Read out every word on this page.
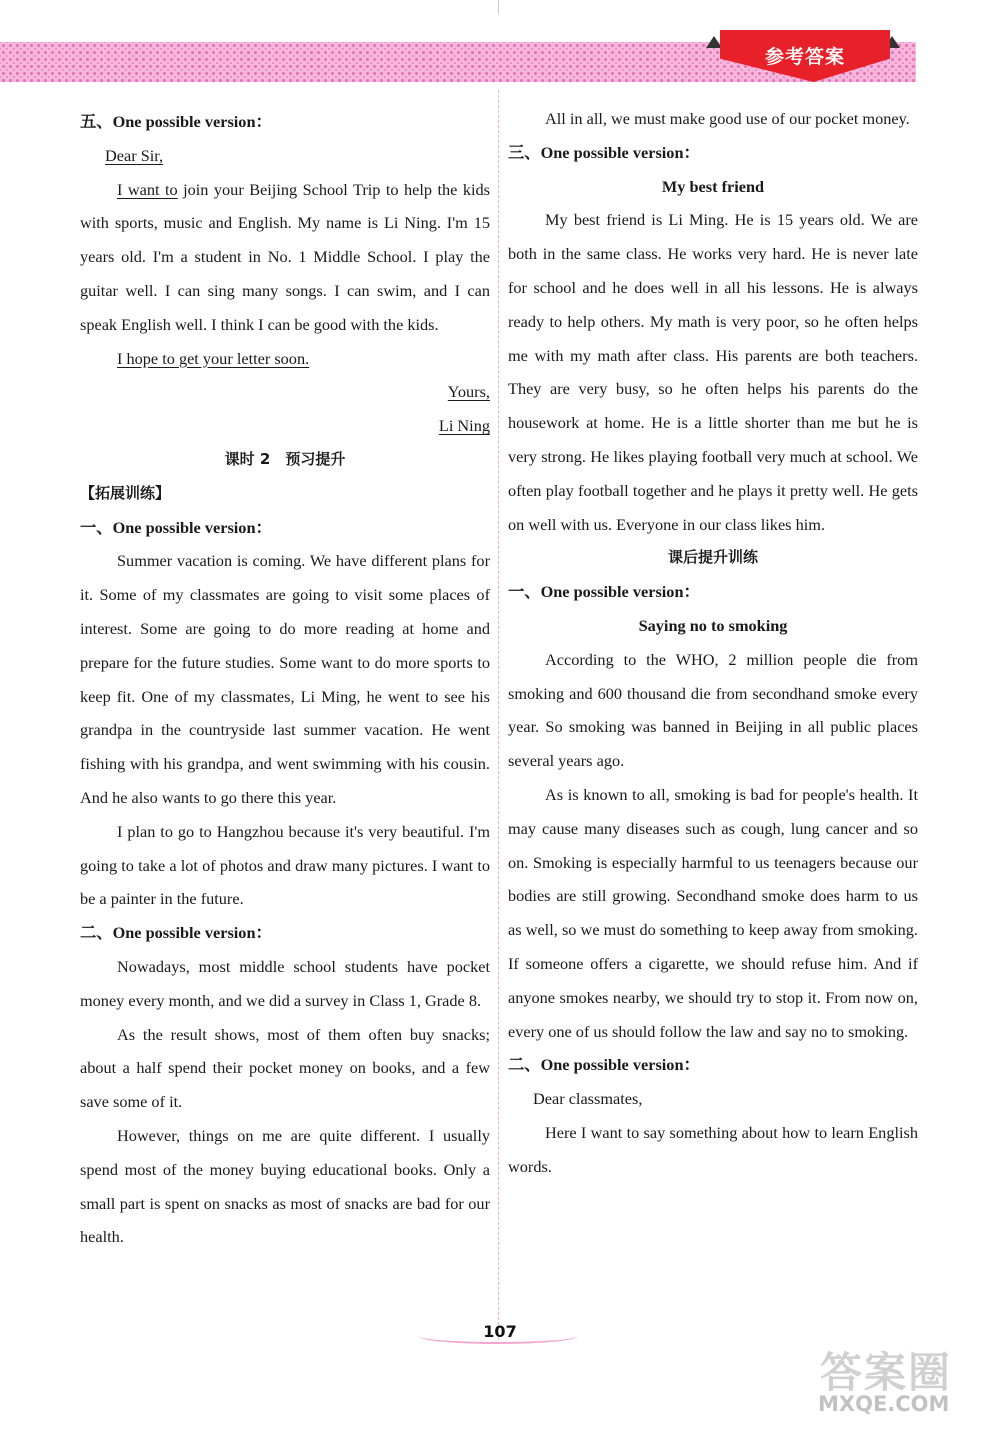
参考答案

五、One possible version：

Dear Sir,

I want to join your Beijing School Trip to help the kids with sports, music and English. My name is Li Ning. I'm 15 years old. I'm a student in No. 1 Middle School. I play the guitar well. I can sing many songs. I can swim, and I can speak English well. I think I can be good with the kids.

I hope to get your letter soon.

Yours,

Li Ning

课时 2　预习提升

【拓展训练】

一、One possible version：

Summer vacation is coming. We have different plans for it. Some of my classmates are going to visit some places of interest. Some are going to do more reading at home and prepare for the future studies. Some want to do more sports to keep fit. One of my classmates, Li Ming, he went to see his grandpa in the countryside last summer vacation. He went fishing with his grandpa, and went swimming with his cousin. And he also wants to go there this year.

I plan to go to Hangzhou because it's very beautiful. I'm going to take a lot of photos and draw many pictures. I want to be a painter in the future.

二、One possible version：

Nowadays, most middle school students have pocket money every month, and we did a survey in Class 1, Grade 8.

As the result shows, most of them often buy snacks; about a half spend their pocket money on books, and a few save some of it.

However, things on me are quite different. I usually spend most of the money buying educational books. Only a small part is spent on snacks as most of snacks are bad for our health.

All in all, we must make good use of our pocket money.

三、One possible version：

My best friend

My best friend is Li Ming. He is 15 years old. We are both in the same class. He works very hard. He is never late for school and he does well in all his lessons. He is always ready to help others. My math is very poor, so he often helps me with my math after class. His parents are both teachers. They are very busy, so he often helps his parents do the housework at home. He is a little shorter than me but he is very strong. He likes playing football very much at school. We often play football together and he plays it pretty well. He gets on well with us. Everyone in our class likes him.

课后提升训练

一、One possible version：

Saying no to smoking

According to the WHO, 2 million people die from smoking and 600 thousand die from secondhand smoke every year. So smoking was banned in Beijing in all public places several years ago.

As is known to all, smoking is bad for people's health. It may cause many diseases such as cough, lung cancer and so on. Smoking is especially harmful to us teenagers because our bodies are still growing. Secondhand smoke does harm to us as well, so we must do something to keep away from smoking. If someone offers a cigarette, we should refuse him. And if anyone smokes nearby, we should try to stop it. From now on, every one of us should follow the law and say no to smoking.

二、One possible version：

Dear classmates,

Here I want to say something about how to learn English words.

107
答案圈
MXQE.COM
